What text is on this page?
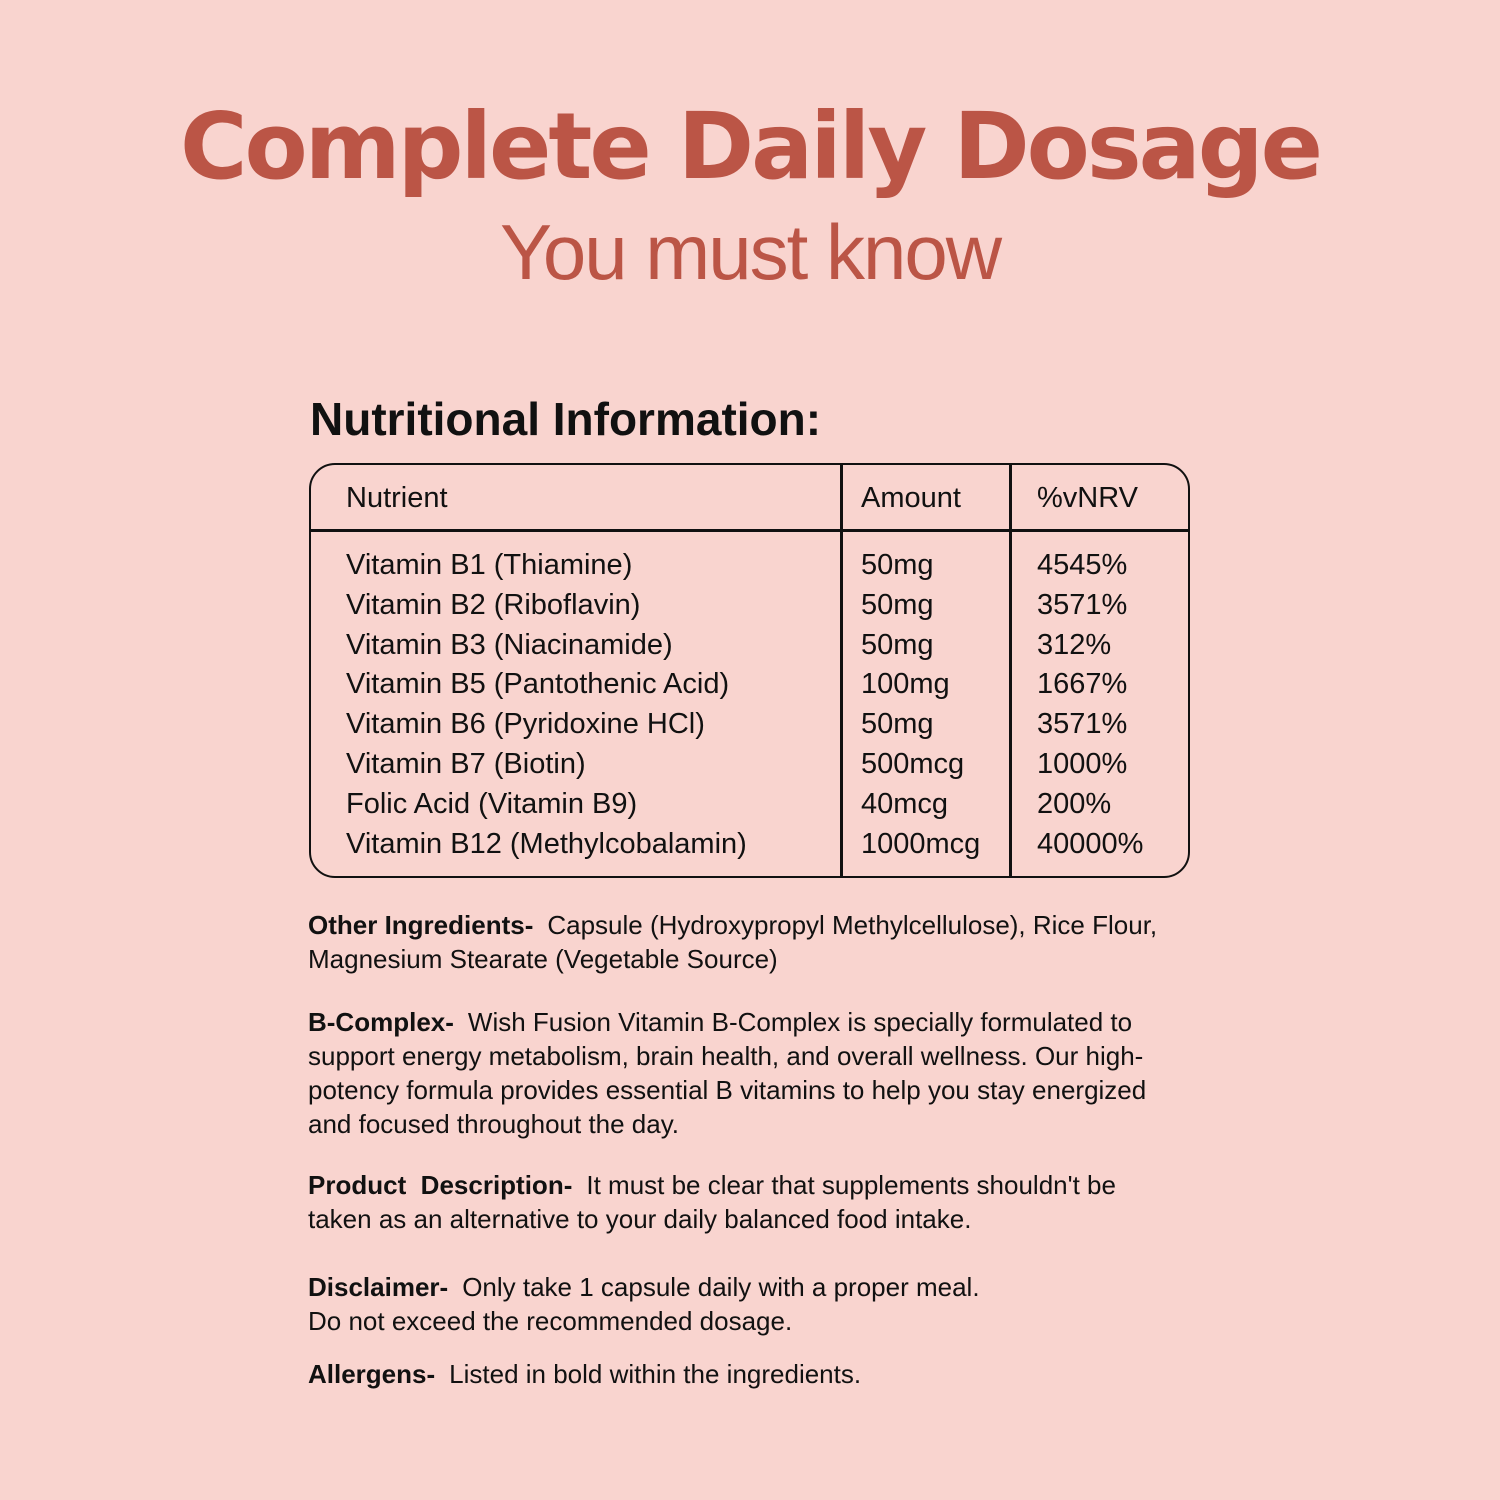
Complete Daily Dosage
You must know
Nutritional Information:
Nutrient	Amount	%vNRV
Vitamin B1 (Thiamine)	50mg	4545%
Vitamin B2 (Riboflavin)	50mg	3571%
Vitamin B3 (Niacinamide)	50mg	312%
Vitamin B5 (Pantothenic Acid)	100mg	1667%
Vitamin B6 (Pyridoxine HCl)	50mg	3571%
Vitamin B7 (Biotin)	500mcg	1000%
Folic Acid (Vitamin B9)	40mcg	200%
Vitamin B12 (Methylcobalamin)	1000mcg 40000%
Other Ingredients- Capsule (Hydroxypropyl Methylcellulose), Rice Flour, Magnesium Stearate (Vegetable Source)
B-Complex- Wish Fusion Vitamin B-Complex is specially formulated to support energy metabolism, brain health, and overall wellness. Our high-potency formula provides essential B vitamins to help you stay energized and focused throughout the day.
Product  Description- It must be clear that supplements shouldn't be taken as an alternative to your daily balanced food intake.
Disclaimer- Only take 1 capsule daily with a proper meal.
Do not exceed the recommended dosage.
Allergens- Listed in bold within the ingredients.
